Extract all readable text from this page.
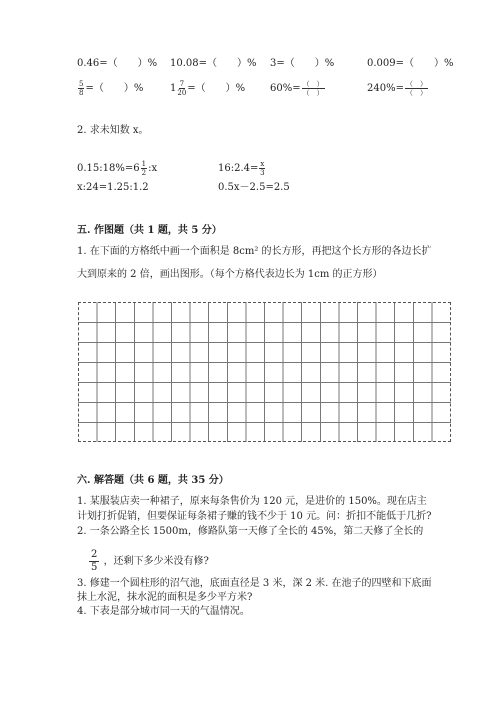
0.46=（　　）% 10.08=（　　）% 3=（　　）%	0.009=（　　）%
$\frac{5}{8}$ =（　　）%	$1 \frac{7}{20}$ =（　　）% $60\%= \frac{( )}{( )}$	$240\%= \frac{( )}{( )}$
2. 求未知数 x。
0.15:18%=6 $\frac{1}{2}$ :x	16:2.4= $\frac{x}{3}$
x:24=1.25:1.2	0.5x－2.5=2.5
五. 作图题（共 1 题，共 5 分）
1. 在下面的方格纸中画一个面积是 8cm² 的长方形，再把这个长方形的各边长扩
大到原来的 2 倍，画出图形。（每个方格代表边长为 1cm 的正方形）
六. 解答题（共 6 题，共 35 分）
1. 某服装店卖一种裙子，原来每条售价为 120 元，是进价的 150%。现在店主
计划打折促销，但要保证每条裙子赚的钱不少于 10 元。问：折扣不能低于几折?
2. 一条公路全长 1500m，修路队第一天修了全长的 45%，第二天修了全长的
$\frac{2}{5}$ ，还剩下多少米没有修?
3. 修建一个圆柱形的沼气池，底面直径是 3 米，深 2 米. 在池子的四壁和下底面
抹上水泥，抹水泥的面积是多少平方米?
4. 下表是部分城市同一天的气温情况。
